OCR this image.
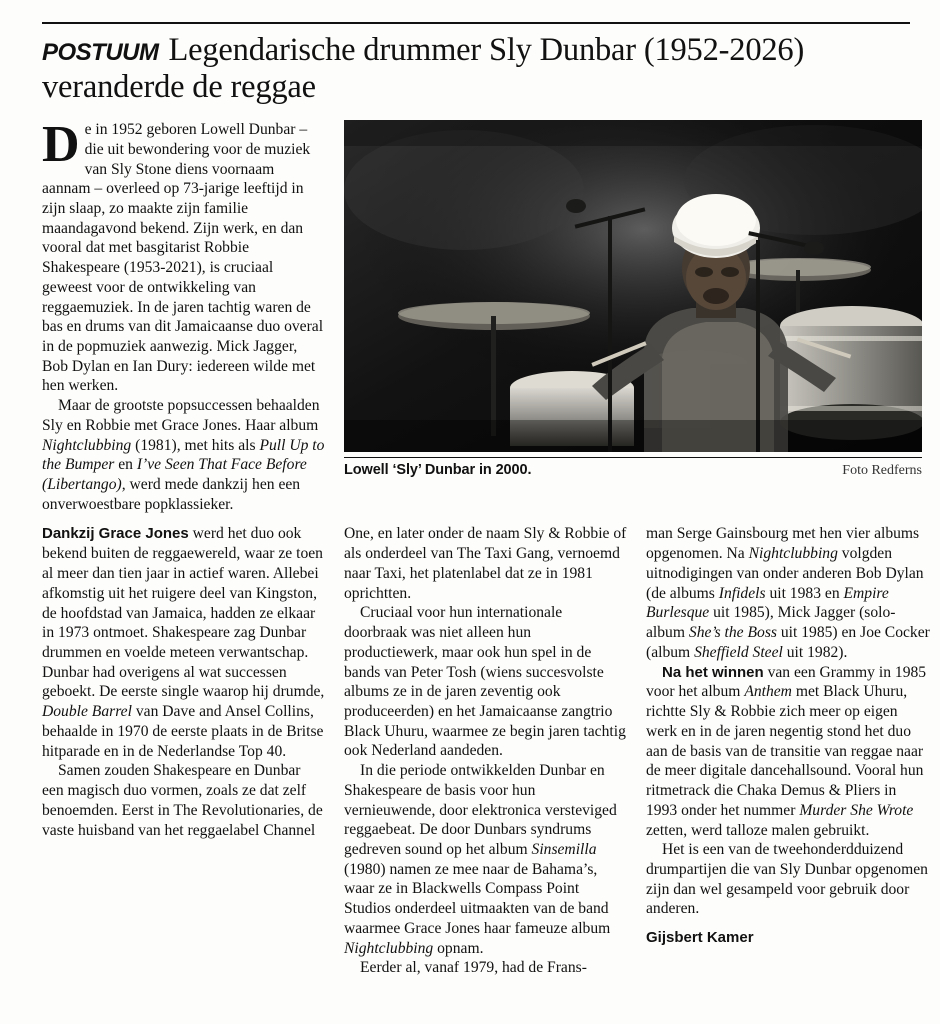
POSTUUM Legendarische drummer Sly Dunbar (1952-2026) veranderde de reggae

De in 1952 geboren Lowell Dunbar – die uit bewondering voor de muziek van Sly Stone diens voornaam aannam – overleed op 73-jarige leeftijd in zijn slaap, zo maakte zijn familie maandagavond bekend. Zijn werk, en dan vooral dat met basgitarist Robbie Shakespeare (1953-2021), is cruciaal geweest voor de ontwikkeling van reggaemuziek. In de jaren tachtig waren de bas en drums van dit Jamaicaanse duo overal in de popmuziek aanwezig. Mick Jagger, Bob Dylan en Ian Dury: iedereen wilde met hen werken.

Maar de grootste popsuccessen behaalden Sly en Robbie met Grace Jones. Haar album Nightclubbing (1981), met hits als Pull Up to the Bumper en I’ve Seen That Face Before (Libertango), werd mede dankzij hen een onverwoestbare popklassieker.

Lowell ‘Sly’ Dunbar in 2000.	Foto Redferns

Dankzij Grace Jones werd het duo ook bekend buiten de reggaewereld, waar ze toen al meer dan tien jaar in actief waren. Allebei afkomstig uit het ruigere deel van Kingston, de hoofdstad van Jamaica, hadden ze elkaar in 1973 ontmoet. Shakespeare zag Dunbar drummen en voelde meteen verwantschap. Dunbar had overigens al wat successen geboekt. De eerste single waarop hij drumde, Double Barrel van Dave and Ansel Collins, behaalde in 1970 de eerste plaats in de Britse hitparade en in de Nederlandse Top 40.

Samen zouden Shakespeare en Dunbar een magisch duo vormen, zoals ze dat zelf benoemden. Eerst in The Revolutionaries, de vaste huisband van het reggaelabel Channel

One, en later onder de naam Sly & Robbie of als onderdeel van The Taxi Gang, vernoemd naar Taxi, het platenlabel dat ze in 1981 oprichtten.

Cruciaal voor hun internationale doorbraak was niet alleen hun productiewerk, maar ook hun spel in de bands van Peter Tosh (wiens succesvolste albums ze in de jaren zeventig ook produceerden) en het Jamaicaanse zangtrio Black Uhuru, waarmee ze begin jaren tachtig ook Nederland aandeden.

In die periode ontwikkelden Dunbar en Shakespeare de basis voor hun vernieuwende, door elektronica versteviged reggaebeat. De door Dunbars syndrums gedreven sound op het album Sinsemilla (1980) namen ze mee naar de Bahama’s, waar ze in Blackwells Compass Point Studios onderdeel uitmaakten van de band waarmee Grace Jones haar fameuze album Nightclubbing opnam.

Eerder al, vanaf 1979, had de Frans-

man Serge Gainsbourg met hen vier albums opgenomen. Na Nightclubbing volgden uitnodigingen van onder anderen Bob Dylan (de albums Infidels uit 1983 en Empire Burlesque uit 1985), Mick Jagger (solo-album She’s the Boss uit 1985) en Joe Cocker (album Sheffield Steel uit 1982).

Na het winnen van een Grammy in 1985 voor het album Anthem met Black Uhuru, richtte Sly & Robbie zich meer op eigen werk en in de jaren negentig stond het duo aan de basis van de transitie van reggae naar de meer digitale dancehallsound. Vooral hun ritmetrack die Chaka Demus & Pliers in 1993 onder het nummer Murder She Wrote zetten, werd talloze malen gebruikt.

Het is een van de tweehonderdduizend drumpartijen die van Sly Dunbar opgenomen zijn dan wel gesampeld voor gebruik door anderen.

Gijsbert Kamer
